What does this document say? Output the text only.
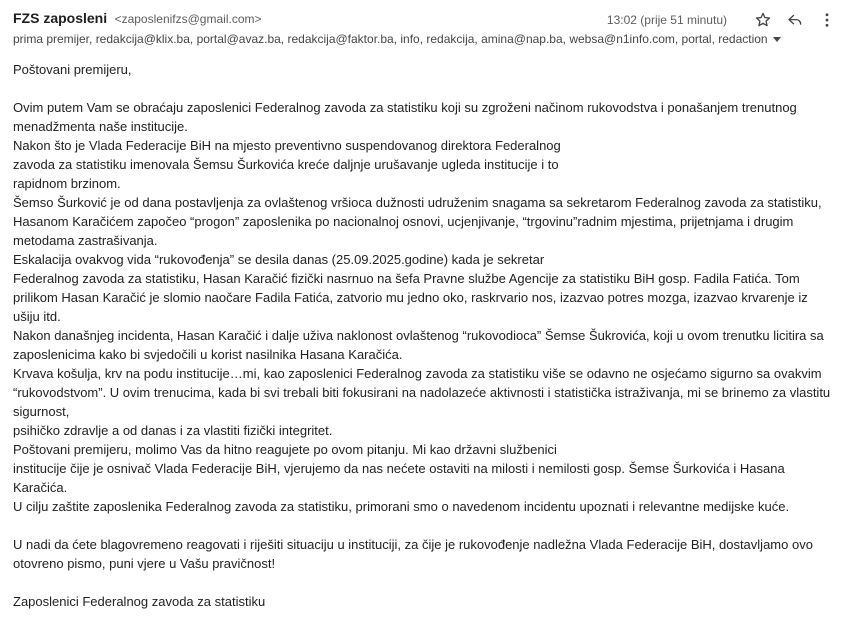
FZS zaposleni <zaposlenifzs@gmail.com>	13:02 (prije 51 minutu)
prima premijer, redakcija@klix.ba, portal@avaz.ba, redakcija@faktor.ba, info, redakcija, amina@nap.ba, websa@n1info.com, portal, redaction

Poštovani premijeru,

Ovim putem Vam se obraćaju zaposlenici Federalnog zavoda za statistiku koji su zgroženi načinom rukovodstva i ponašanjem trenutnog

menadžmenta naše institucije.

Nakon što je Vlada Federacije BiH na mjesto preventivno suspendovanog direktora Federalnog

zavoda za statistiku imenovala Šemsu Šurkovića kreće daljnje urušavanje ugleda institucije i to

rapidnom brzinom.

Šemso Šurković je od dana postavljenja za ovlaštenog vršioca dužnosti udruženim snagama sa sekretarom Federalnog zavoda za statistiku,

Hasanom Karačićem započeo “progon” zaposlenika po nacionalnoj osnovi, ucjenjivanje, “trgovinu”radnim mjestima, prijetnjama i drugim

metodama zastrašivanja.

Eskalacija ovakvog vida “rukovođenja” se desila danas (25.09.2025.godine) kada je sekretar

Federalnog zavoda za statistiku, Hasan Karačić fizički nasrnuo na šefa Pravne službe Agencije za statistiku BiH gosp. Fadila Fatića. Tom

prilikom Hasan Karačić je slomio naočare Fadila Fatića, zatvorio mu jedno oko, raskrvario nos, izazvao potres mozga, izazvao krvarenje iz

ušiju itd.

Nakon današnjeg incidenta, Hasan Karačić i dalje uživa naklonost ovlaštenog “rukovodioca” Šemse Šukrovića, koji u ovom trenutku licitira sa

zaposlenicima kako bi svjedočili u korist nasilnika Hasana Karačića.

Krvava košulja, krv na podu institucije…mi, kao zaposlenici Federalnog zavoda za statistiku više se odavno ne osjećamo sigurno sa ovakvim

“rukovodstvom”. U ovim trenucima, kada bi svi trebali biti fokusirani na nadolazeće aktivnosti i statistička istraživanja, mi se brinemo za vlastitu

sigurnost,

psihičko zdravlje a od danas i za vlastiti fizički integritet.

Poštovani premijeru, molimo Vas da hitno reagujete po ovom pitanju. Mi kao državni službenici

institucije čije je osnivač Vlada Federacije BiH, vjerujemo da nas nećete ostaviti na milosti i nemilosti gosp. Šemse Šurkovića i Hasana

Karačića.

U cilju zaštite zaposlenika Federalnog zavoda za statistiku, primorani smo o navedenom incidentu upoznati i relevantne medijske kuće.

U nadi da ćete blagovremeno reagovati i riješiti situaciju u instituciji, za čije je rukovođenje nadležna Vlada Federacije BiH, dostavljamo ovo

otovreno pismo, puni vjere u Vašu pravičnost!

Zaposlenici Federalnog zavoda za statistiku
